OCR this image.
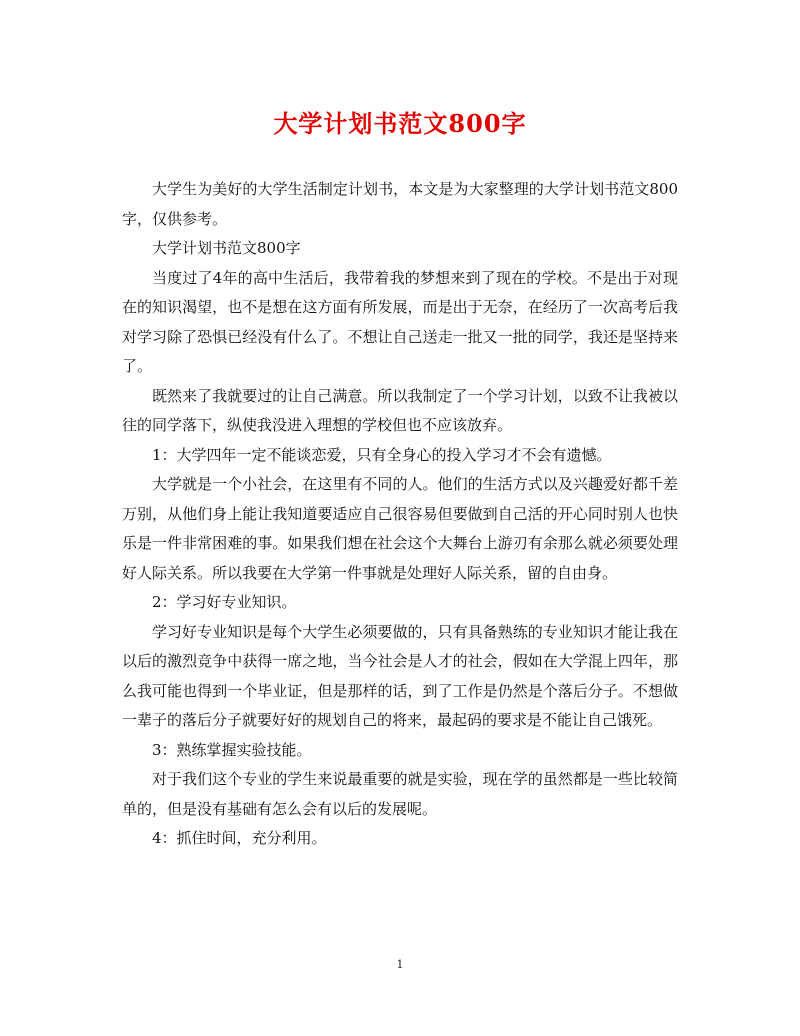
大学计划书范文800字

大学生为美好的大学生活制定计划书，本文是为大家整理的大学计划书范文800字，仅供参考。

大学计划书范文800字

当度过了4年的高中生活后，我带着我的梦想来到了现在的学校。不是出于对现在的知识渴望，也不是想在这方面有所发展，而是出于无奈，在经历了一次高考后我对学习除了恐惧已经没有什么了。不想让自己送走一批又一批的同学，我还是坚持来了。

既然来了我就要过的让自己满意。所以我制定了一个学习计划，以致不让我被以往的同学落下，纵使我没进入理想的学校但也不应该放弃。

1：大学四年一定不能谈恋爱，只有全身心的投入学习才不会有遗憾。

大学就是一个小社会，在这里有不同的人。他们的生活方式以及兴趣爱好都千差万别，从他们身上能让我知道要适应自己很容易但要做到自己活的开心同时别人也快乐是一件非常困难的事。如果我们想在社会这个大舞台上游刃有余那么就必须要处理好人际关系。所以我要在大学第一件事就是处理好人际关系，留的自由身。

2：学习好专业知识。

学习好专业知识是每个大学生必须要做的，只有具备熟练的专业知识才能让我在以后的激烈竞争中获得一席之地，当今社会是人才的社会，假如在大学混上四年，那么我可能也得到一个毕业证，但是那样的话，到了工作是仍然是个落后分子。不想做一辈子的落后分子就要好好的规划自己的将来，最起码的要求是不能让自己饿死。

3：熟练掌握实验技能。

对于我们这个专业的学生来说最重要的就是实验，现在学的虽然都是一些比较简单的，但是没有基础有怎么会有以后的发展呢。

4：抓住时间，充分利用。

1
